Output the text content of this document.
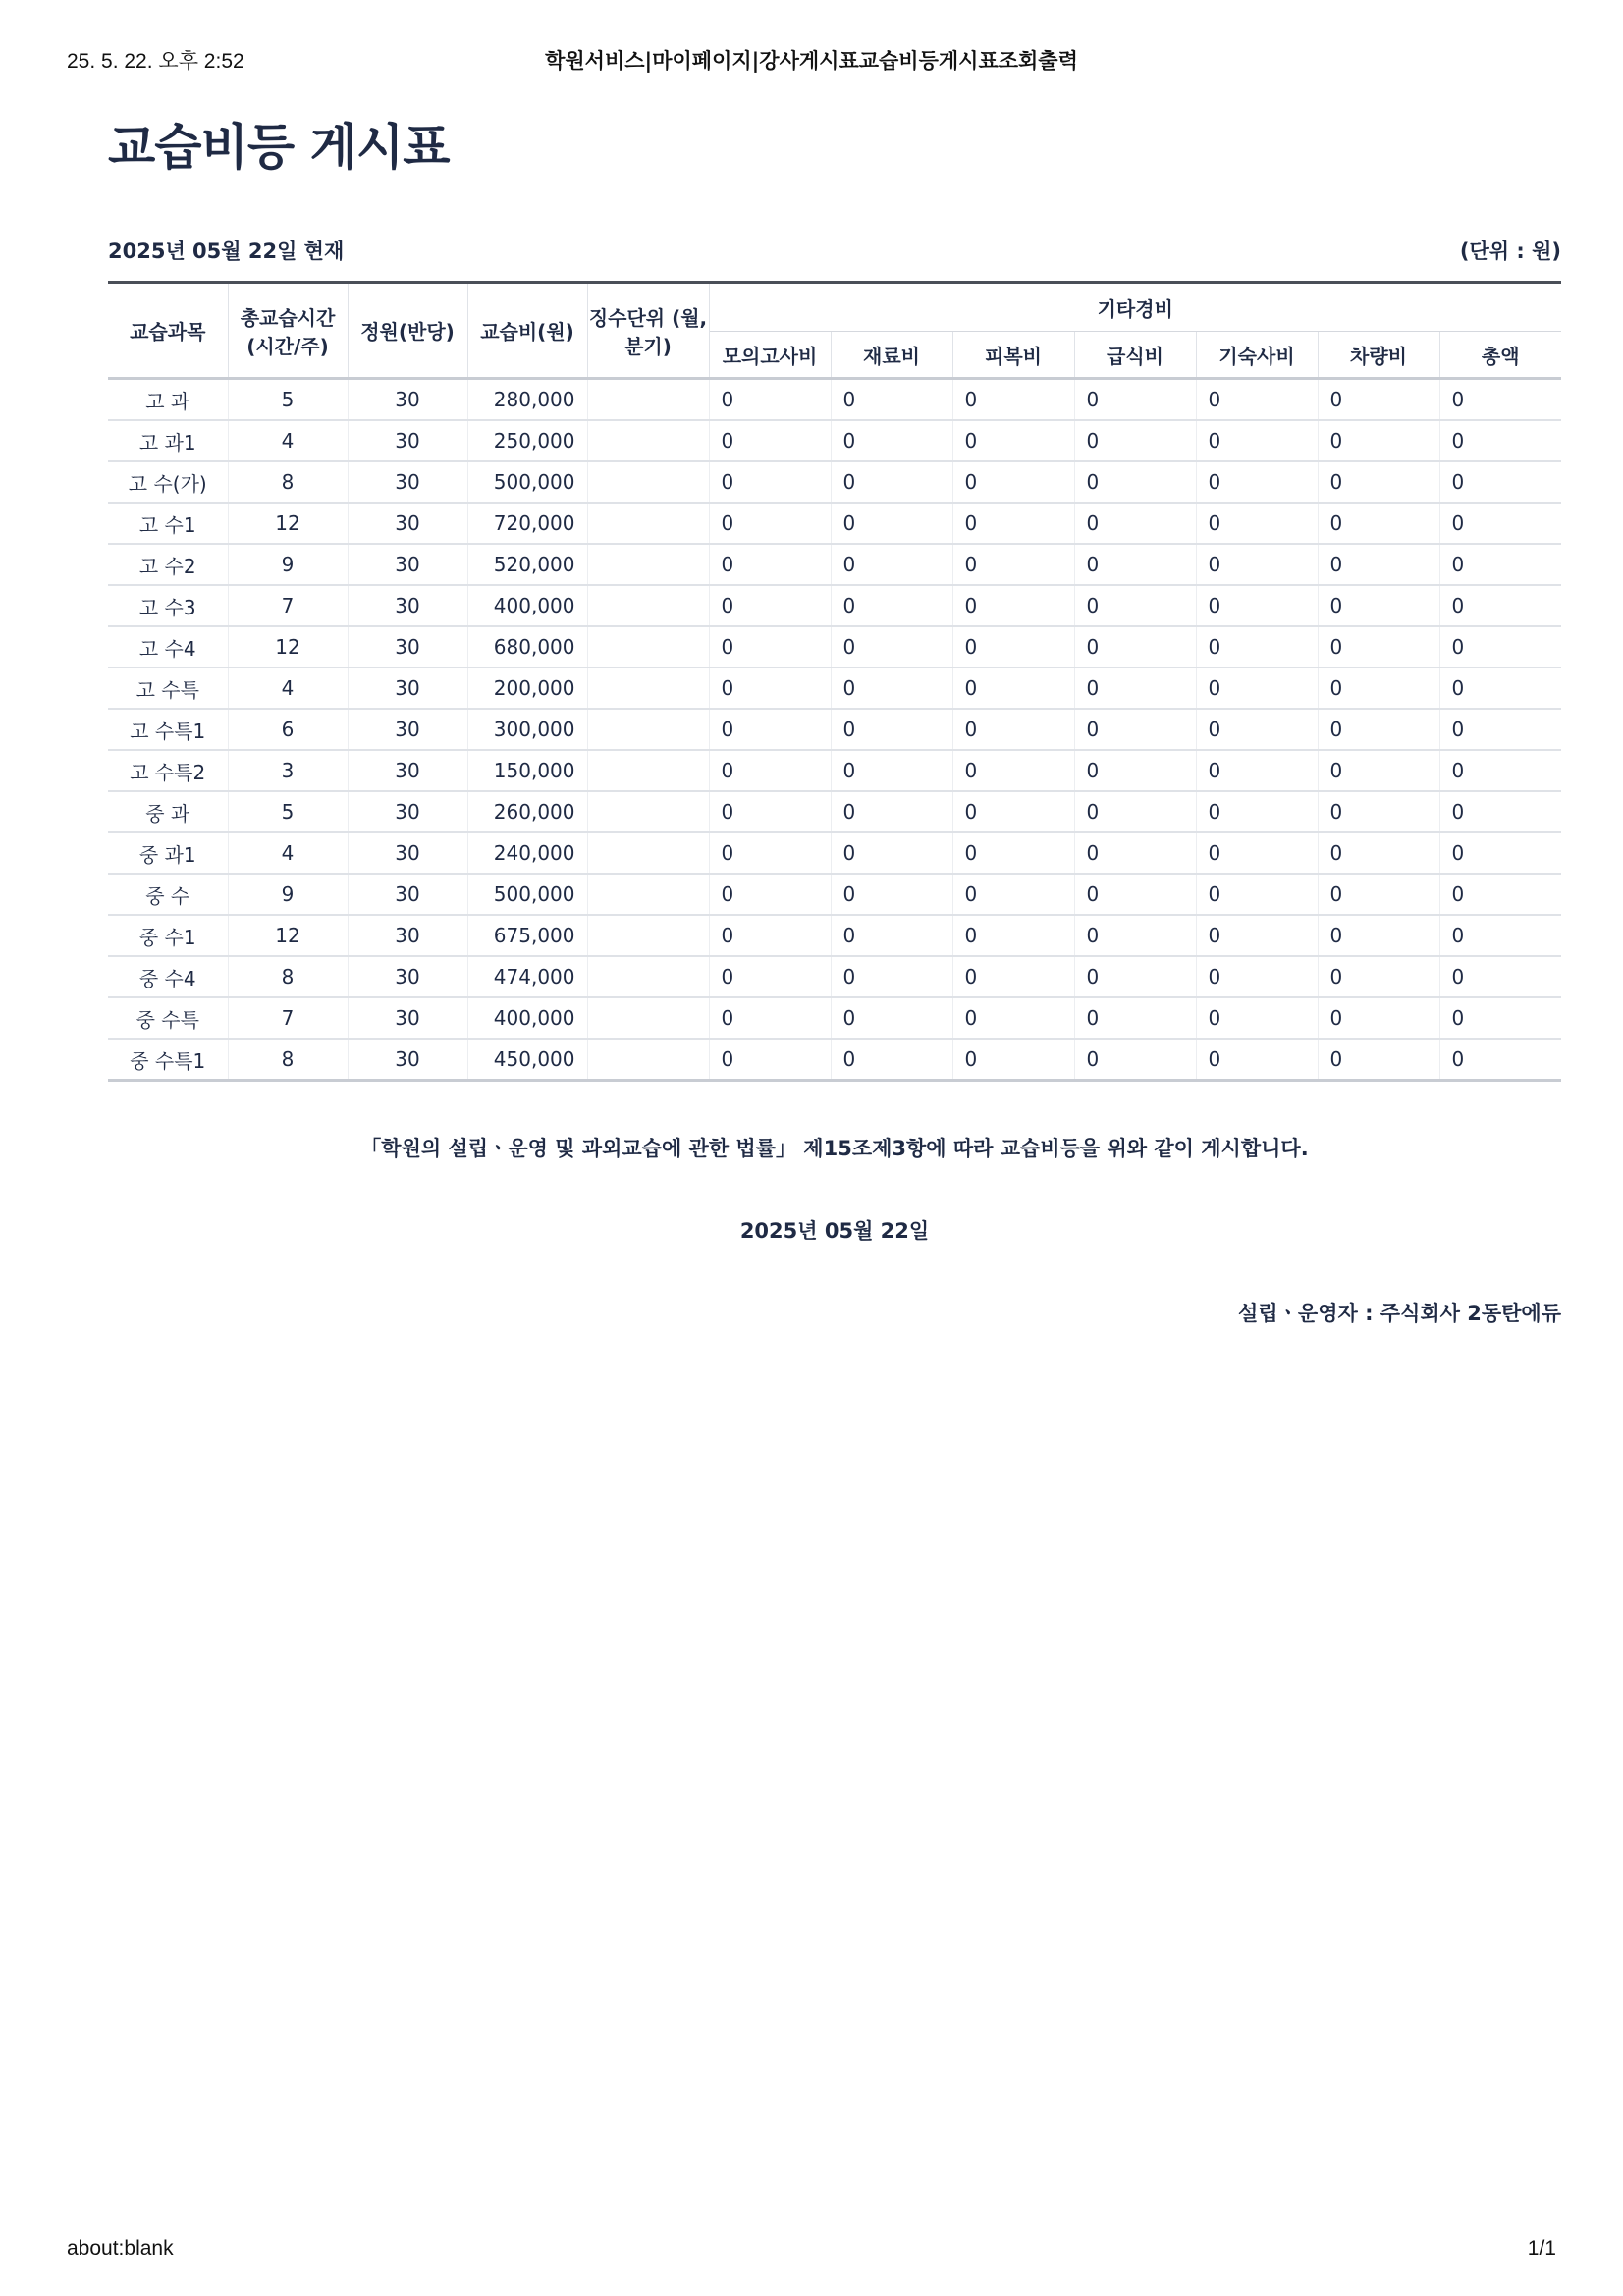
25. 5. 22. 오후 2:52	학원서비스|마이페이지|강사게시표교습비등게시표조회출력
교습비등 게시표
2025년 05월 22일 현재	(단위 : 원)
교습과목	총교습시간 (시간/주)	정원(반당)	교습비(원)	징수단위 (월, 분기)	기타경비						
					모의고사비	재료비	피복비	급식비	기숙사비	차량비	총액
고 과	5	30	280,000		0	0	0	0	0	0	0
고 과1	4	30	250,000		0	0	0	0	0	0	0
고 수(가)	8	30	500,000		0	0	0	0	0	0	0
고 수1	12	30	720,000		0	0	0	0	0	0	0
고 수2	9	30	520,000		0	0	0	0	0	0	0
고 수3	7	30	400,000		0	0	0	0	0	0	0
고 수4	12	30	680,000		0	0	0	0	0	0	0
고 수특	4	30	200,000		0	0	0	0	0	0	0
고 수특1	6	30	300,000		0	0	0	0	0	0	0
고 수특2	3	30	150,000		0	0	0	0	0	0	0
중 과	5	30	260,000		0	0	0	0	0	0	0
중 과1	4	30	240,000		0	0	0	0	0	0	0
중 수	9	30	500,000		0	0	0	0	0	0	0
중 수1	12	30	675,000		0	0	0	0	0	0	0
중 수4	8	30	474,000		0	0	0	0	0	0	0
중 수특	7	30	400,000		0	0	0	0	0	0	0
중 수특1	8	30	450,000		0	0	0	0	0	0	0
「학원의 설립ㆍ운영 및 과외교습에 관한 법률」 제15조제3항에 따라 교습비등을 위와 같이 게시합니다.
2025년 05월 22일
설립ㆍ운영자 : 주식회사 2동탄에듀
about:blank	1/1
